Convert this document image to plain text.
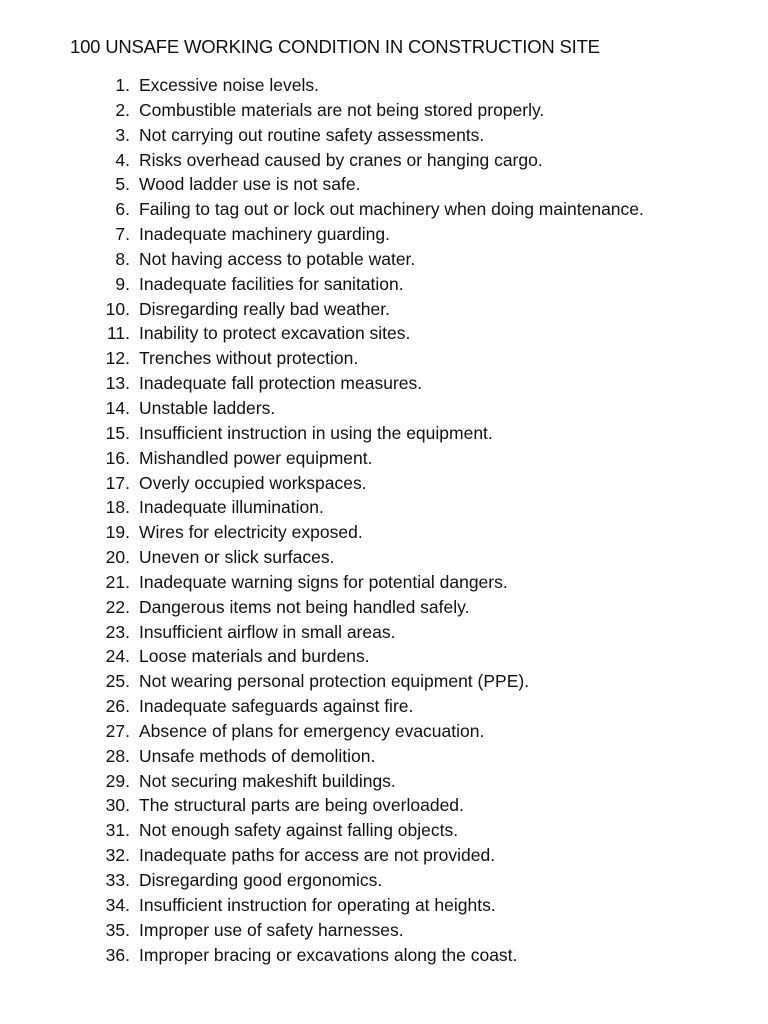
100 UNSAFE WORKING CONDITION IN CONSTRUCTION SITE
1. Excessive noise levels.
2. Combustible materials are not being stored properly.
3. Not carrying out routine safety assessments.
4. Risks overhead caused by cranes or hanging cargo.
5. Wood ladder use is not safe.
6. Failing to tag out or lock out machinery when doing maintenance.
7. Inadequate machinery guarding.
8. Not having access to potable water.
9. Inadequate facilities for sanitation.
10. Disregarding really bad weather.
11. Inability to protect excavation sites.
12. Trenches without protection.
13. Inadequate fall protection measures.
14. Unstable ladders.
15. Insufficient instruction in using the equipment.
16. Mishandled power equipment.
17. Overly occupied workspaces.
18. Inadequate illumination.
19. Wires for electricity exposed.
20. Uneven or slick surfaces.
21. Inadequate warning signs for potential dangers.
22. Dangerous items not being handled safely.
23. Insufficient airflow in small areas.
24. Loose materials and burdens.
25. Not wearing personal protection equipment (PPE).
26. Inadequate safeguards against fire.
27. Absence of plans for emergency evacuation.
28. Unsafe methods of demolition.
29. Not securing makeshift buildings.
30. The structural parts are being overloaded.
31. Not enough safety against falling objects.
32. Inadequate paths for access are not provided.
33. Disregarding good ergonomics.
34. Insufficient instruction for operating at heights.
35. Improper use of safety harnesses.
36. Improper bracing or excavations along the coast.
